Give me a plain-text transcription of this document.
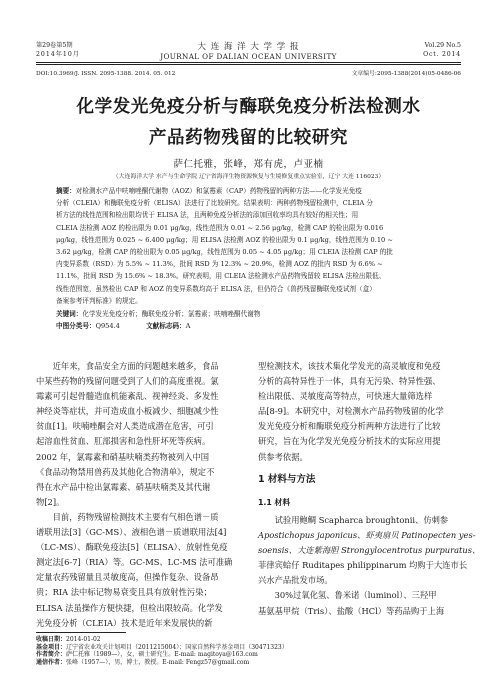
第29卷第5期
2014年10月
大 连 海 洋 大 学 学 报
JOURNAL OF DALIAN OCEAN UNIVERSITY
Vol.29 No.5
Oct. 2014
DOI:10.3969/J. ISSN. 2095-1388. 2014. 05. 012	文章编号:2095-1388(2014)05-0486-06
化学发光免疫分析与酶联免疫分析法检测水
产品药物残留的比较研究
萨仁托雅，张峰，郑有虎，卢亚楠
（大连海洋大学 水产与生命学院 辽宁省海洋生物资源恢复与生境修复重点实验室，辽宁 大连 116023）
摘要：对检测水产品中呋喃唑酮代谢物（AOZ）和氯霉素（CAP）药物残留的两种方法——化学发光免疫
分析（CLEIA）和酶联免疫分析（ELISA）法进行了比较研究。结果表明：两种药物残留检测中，CLEIA 分
析方法的线性范围和检出限均优于 ELISA 法，且两种免疫分析法的添加回收率均具有较好的相关性；用
CLEIA 法检测 AOZ 的检出限为 0.01 μg/kg，线性范围为 0.01 ~ 2.56 μg/kg，检测 CAP 的检出限为 0.016
μg/kg，线性范围为 0.025 ~ 6.400 μg/kg；用 ELISA 法检测 AOZ 的检出限为 0.1 μg/kg，线性范围为 0.10 ~
3.62 μg/kg，检测 CAP 的检出限为 0.05 μg/kg，线性范围为 0.05 ~ 4.05 μg/kg；用 CLEIA 法检测 CAP 的批
内变异系数（RSD）为 5.5% ~ 11.3%，批间 RSD 为 12.3% ~ 20.9%，检测 AOZ 的批内 RSD 为 6.6% ~
11.1%，批间 RSD 为 15.6% ~ 18.3%。研究表明，用 CLEIA 法检测水产品药物残留较 ELISA 法检出限低、
线性范围宽，虽然检出 CAP 和 AOZ 的变异系数均高于 ELISA 法，但仍符合《兽药残留酶联免疫试剂（盒）
备案参考评判标准》的规定。
关键词：化学发光免疫分析；酶联免疫分析；氯霉素；呋喃唑酮代谢物
中图分类号：Q954.4	文献标志码：A
近年来，食品安全方面的问题越来越多，食品
中某些药物的残留问题受到了人们的高度重视。氯
霉素可引起骨髓造血机能紊乱、视神经炎、多发性
神经炎等症状，并可造成血小板减少、细胞减少性
贫血[1]。呋喃唑酮会对人类造成潜在危害，可引
起溶血性贫血、肛部损害和急性肝坏死等疾病。
2002 年，氯霉素和硝基呋喃类药物被列入中国
《食品动物禁用兽药及其他化合物清单》，规定不
得在水产品中检出氯霉素、硝基呋喃类及其代谢
物[2]。
目前，药物残留检测技术主要有气相色谱－质
谱联用法[3]（GC-MS）、液相色谱－质谱联用法[4]
（LC-MS）、酶联免疫法[5]（ELISA）、放射性免疫
测定法[6-7]（RIA）等。GC-MS、LC-MS 法可准确
定量农药残留量且灵敏度高，但操作复杂、设备昂
贵；RIA 法中标记物易衰变且具有放射性污染；
ELISA 法虽操作方便快捷，但检出限较高。化学发
光免疫分析（CLEIA）技术是近年来发展快的新
型检测技术，该技术集化学发光的高灵敏度和免疫
分析的高特异性于一体，具有无污染、特异性强、
检出限低、灵敏度高等特点，可快速大量筛选样
品[8-9]。本研究中，对检测水产品药物残留的化学
发光免疫分析和酶联免疫分析两种方法进行了比较
研究，旨在为化学发光免疫分析技术的实际应用提
供参考依据。
1 材料与方法
1.1 材料
试验用鲍鲷 Scapharca broughtonii、仿刺参
Apostichopus japonicus、虾夷扇贝 Patinopecten yes-
soensis、大连紫海胆 Strongylocentrotus purpuratus、
菲律宾蛤仔 Ruditapes philippinarum 均购于大连市长
兴水产品批发市场。
30%过氧化氢、鲁米诺（luminol）、三羟甲
基氨基甲烷（Tris）、盐酸（HCl）等药品购于上海
收稿日期：2014-01-02
基金项目：辽宁省农业攻关计划项目（2011215004）；国家自然科学基金项目（30471323）
作者简介：萨仁托雅（1989—），女，硕士研究生。E-mail: magitoya@163.com
通信作者：张峰（1957—），男，博士，教授。E-mail: Fengz57@gmail.com
